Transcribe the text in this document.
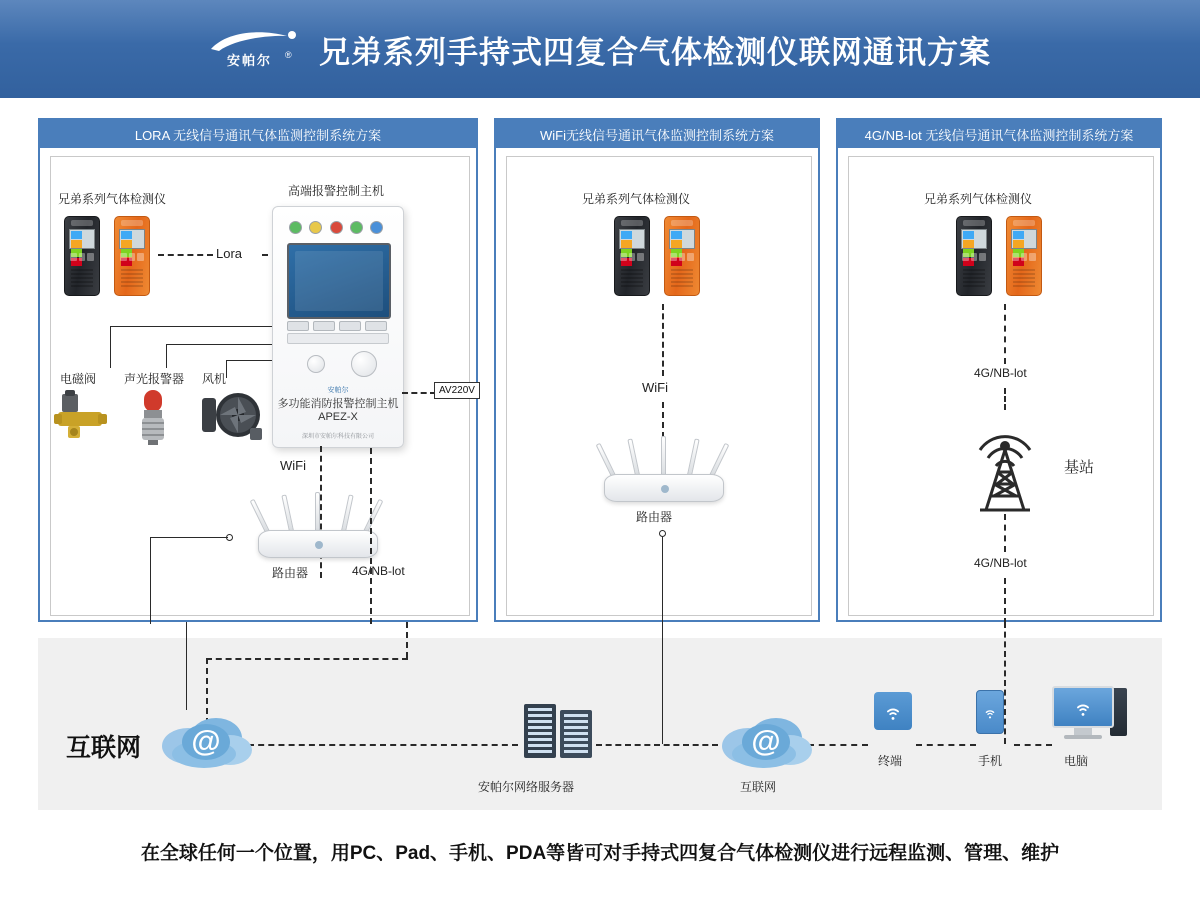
安帕尔 ® 兄弟系列手持式四复合气体检测仪联网通讯方案
LORA 无线信号通讯气体监测控制系统方案
兄弟系列气体检测仪
Lora
高端报警控制主机
安帕尔
多功能消防报警控制主机
APEZ-X
深圳市安帕尔科技有限公司
AV220V
电磁阀 声光报警器 风机
WiFi
路由器	4G/NB-lot
WiFi无线信号通讯气体监测控制系统方案
兄弟系列气体检测仪
WiFi
路由器
4G/NB-lot 无线信号通讯气体监测控制系统方案
兄弟系列气体检测仪
4G/NB-lot
基站
4G/NB-lot
互联网 @
安帕尔网络服务器
@
互联网
终端	手机	电脑
在全球任何一个位置，用PC、Pad、手机、PDA等皆可对手持式四复合气体检测仪进行远程监测、管理、维护
